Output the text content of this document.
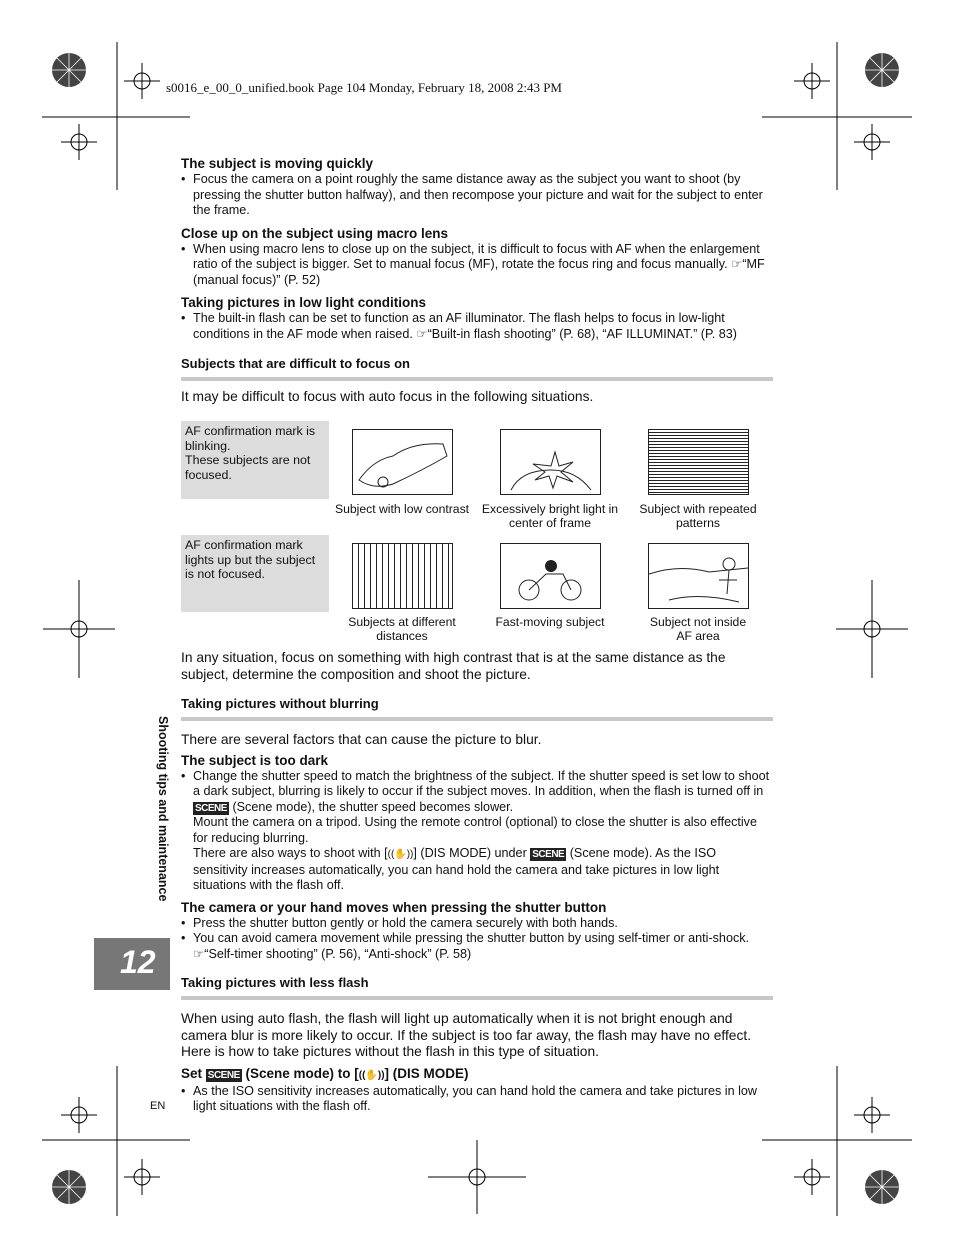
s0016_e_00_0_unified.book Page 104 Monday, February 18, 2008 2:43 PM
The subject is moving quickly
• Focus the camera on a point roughly the same distance away as the subject you want to shoot (by pressing the shutter button halfway), and then recompose your picture and wait for the subject to enter the frame.
Close up on the subject using macro lens
• When using macro lens to close up on the subject, it is difficult to focus with AF when the enlargement ratio of the subject is bigger. Set to manual focus (MF), rotate the focus ring and focus manually. ☞“MF (manual focus)” (P. 52)
Taking pictures in low light conditions
• The built-in flash can be set to function as an AF illuminator. The flash helps to focus in low-light conditions in the AF mode when raised. ☞“Built-in flash shooting” (P. 68), “AF ILLUMINAT.” (P. 83)
Subjects that are difficult to focus on
It may be difficult to focus with auto focus in the following situations.
AF confirmation mark is blinking.
These subjects are not focused.
AF confirmation mark lights up but the subject is not focused.
Subject with low contrast	Excessively bright light in center of frame
Subject with repeated patterns
Subjects at different distances
Fast-moving subject	Subject not inside AF area
In any situation, focus on something with high contrast that is at the same distance as the subject, determine the composition and shoot the picture.
Taking pictures without blurring
There are several factors that can cause the picture to blur.
The subject is too dark
• Change the shutter speed to match the brightness of the subject. If the shutter speed is set low to shoot a dark subject, blurring is likely to occur if the subject moves. In addition, when the flash is turned off in SCENE (Scene mode), the shutter speed becomes slower.
Mount the camera on a tripod. Using the remote control (optional) to close the shutter is also effective for reducing blurring.
There are also ways to shoot with [((✋))] (DIS MODE) under SCENE (Scene mode). As the ISO sensitivity increases automatically, you can hand hold the camera and take pictures in low light situations with the flash off.
The camera or your hand moves when pressing the shutter button
• Press the shutter button gently or hold the camera securely with both hands.
• You can avoid camera movement while pressing the shutter button by using self-timer or anti-shock. ☞“Self-timer shooting” (P. 56), “Anti-shock” (P. 58)
Taking pictures with less flash
When using auto flash, the flash will light up automatically when it is not bright enough and camera blur is more likely to occur. If the subject is too far away, the flash may have no effect. Here is how to take pictures without the flash in this type of situation.
Set SCENE (Scene mode) to [((✋))] (DIS MODE)
• As the ISO sensitivity increases automatically, you can hand hold the camera and take pictures in low light situations with the flash off.
12
Shooting tips and maintenance
EN
